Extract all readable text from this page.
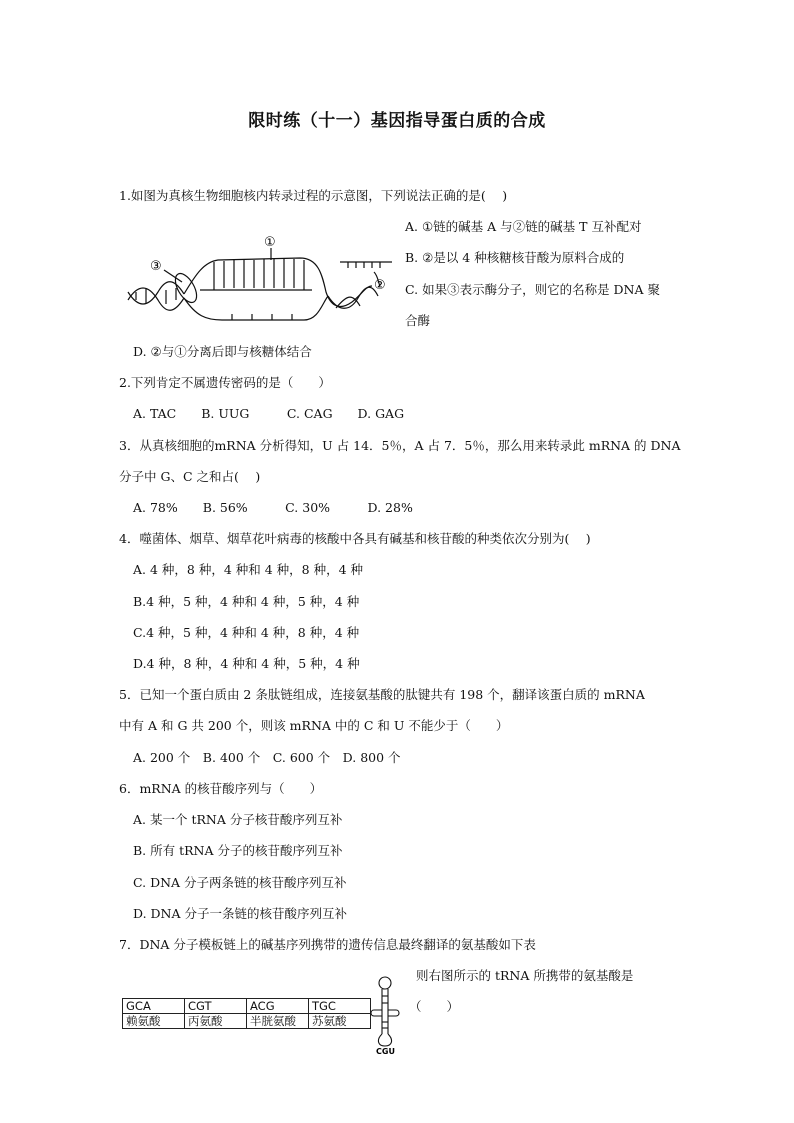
限时练（十一）基因指导蛋白质的合成
1.如图为真核生物细胞核内转录过程的示意图，下列说法正确的是(　 )
A. ①链的碱基 A 与②链的碱基 T 互补配对
B. ②是以 4 种核糖核苷酸为原料合成的
C. 如果③表示酶分子，则它的名称是 DNA 聚
合酶
D. ②与①分离后即与核糖体结合
①
②
③
2.下列肯定不属遗传密码的是（　　）
A. TAC　　B. UUG　　　C. CAG　　D. GAG
3．从真核细胞的mRNA 分析得知，U 占 14．5％，A 占 7．5％，那么用来转录此 mRNA 的 DNA
分子中 G、C 之和占(　 )
A. 78%　　B. 56%　　　C. 30%　　　D. 28%
4．噬菌体、烟草、烟草花叶病毒的核酸中各具有碱基和核苷酸的种类依次分别为(　 )
A. 4 种，8 种，4 种和 4 种，8 种，4 种
B.4 种，5 种，4 种和 4 种，5 种，4 种
C.4 种，5 种，4 种和 4 种，8 种，4 种
D.4 种，8 种，4 种和 4 种，5 种，4 种
5．已知一个蛋白质由 2 条肽链组成，连接氨基酸的肽键共有 198 个，翻译该蛋白质的 mRNA
中有 A 和 G 共 200 个，则该 mRNA 中的 C 和 U 不能少于（　　）
A. 200 个　B. 400 个　C. 600 个　D. 800 个
6．mRNA 的核苷酸序列与（　　）
A. 某一个 tRNA 分子核苷酸序列互补
B. 所有 tRNA 分子的核苷酸序列互补
C. DNA 分子两条链的核苷酸序列互补
D. DNA 分子一条链的核苷酸序列互补
7．DNA 分子模板链上的碱基序列携带的遗传信息最终翻译的氨基酸如下表
则右图所示的 tRNA 所携带的氨基酸是
（　　）
GCA	CGT	ACG	TGC
赖氨酸	丙氨酸	半胱氨酸	苏氨酸
CGU
